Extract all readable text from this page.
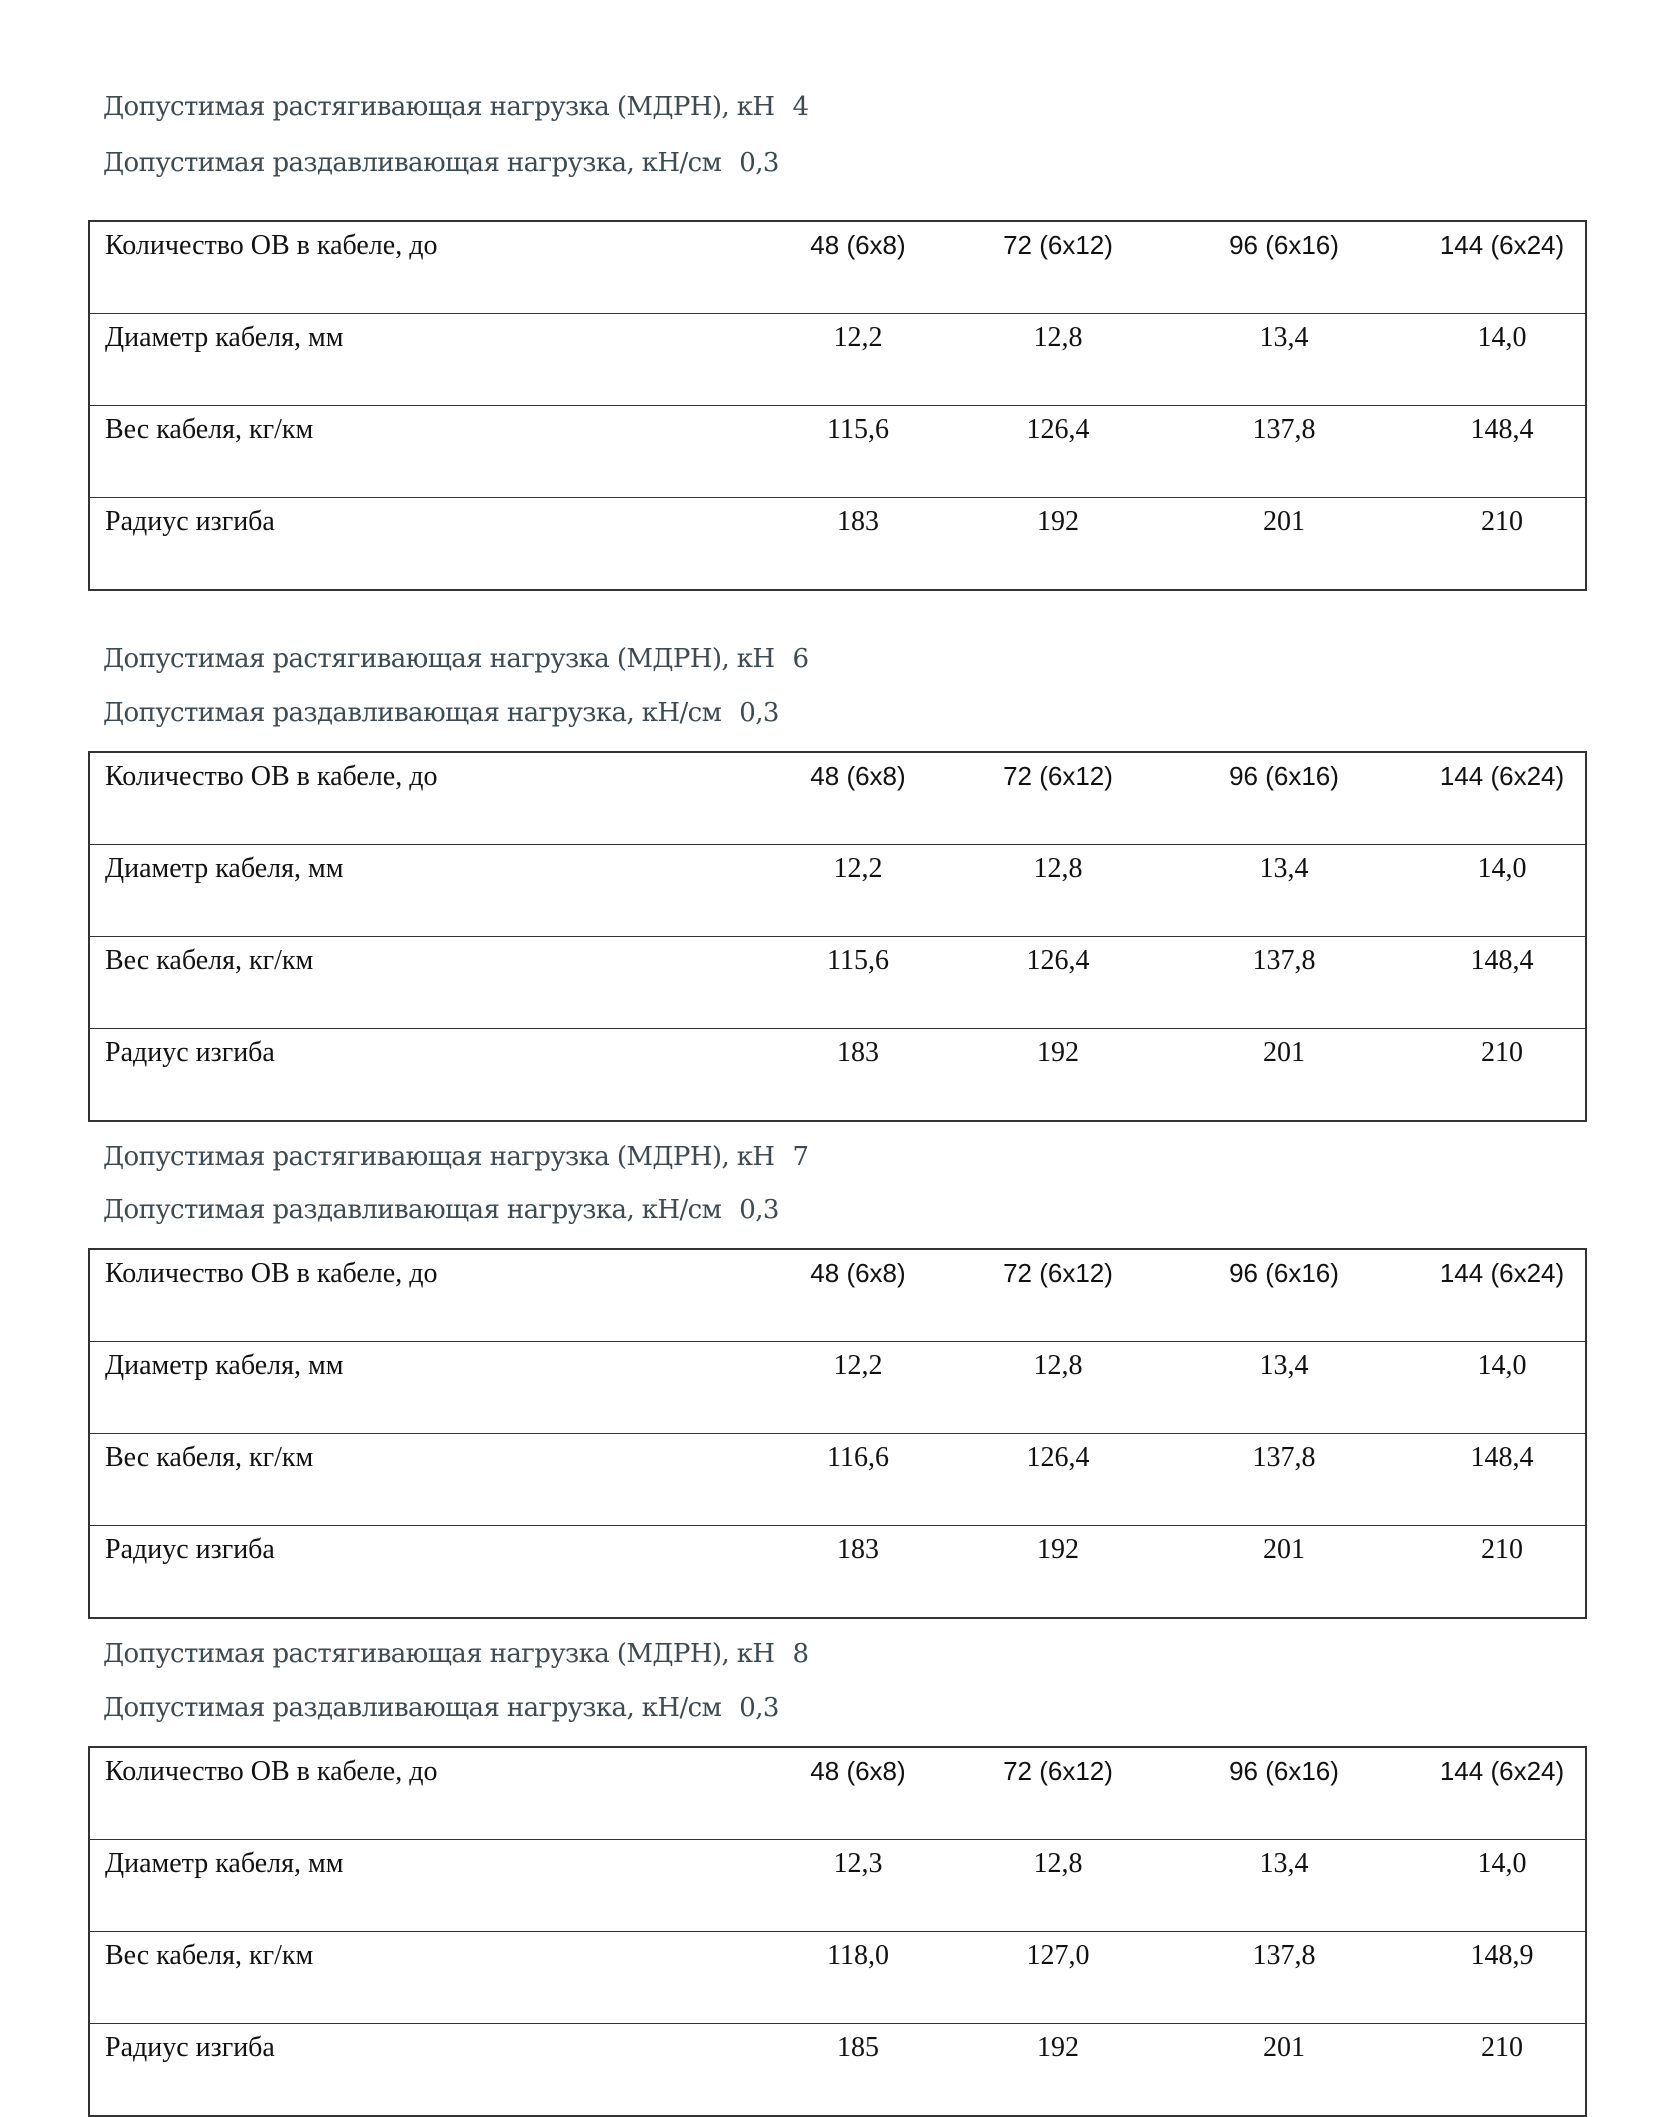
Допустимая растягивающая нагрузка (МДРН), кН 4
Допустимая раздавливающая нагрузка, кН/см 0,3
Количество ОВ в кабеле, до	48 (6x8)	72 (6x12)	96 (6x16)	144 (6x24)
Диаметр кабеля, мм	12,2	12,8	13,4	14,0
Вес кабеля, кг/км	115,6	126,4	137,8	148,4
Радиус изгиба	183	192	201	210
Допустимая растягивающая нагрузка (МДРН), кН 6
Допустимая раздавливающая нагрузка, кН/см 0,3
Количество ОВ в кабеле, до	48 (6x8)	72 (6x12)	96 (6x16)	144 (6x24)
Диаметр кабеля, мм	12,2	12,8	13,4	14,0
Вес кабеля, кг/км	115,6	126,4	137,8	148,4
Радиус изгиба	183	192	201	210
Допустимая растягивающая нагрузка (МДРН), кН 7
Допустимая раздавливающая нагрузка, кН/см 0,3
Количество ОВ в кабеле, до	48 (6x8)	72 (6x12)	96 (6x16)	144 (6x24)
Диаметр кабеля, мм	12,2	12,8	13,4	14,0
Вес кабеля, кг/км	116,6	126,4	137,8	148,4
Радиус изгиба	183	192	201	210
Допустимая растягивающая нагрузка (МДРН), кН 8
Допустимая раздавливающая нагрузка, кН/см 0,3
Количество ОВ в кабеле, до	48 (6x8)	72 (6x12)	96 (6x16)	144 (6x24)
Диаметр кабеля, мм	12,3	12,8	13,4	14,0
Вес кабеля, кг/км	118,0	127,0	137,8	148,9
Радиус изгиба	185	192	201	210
